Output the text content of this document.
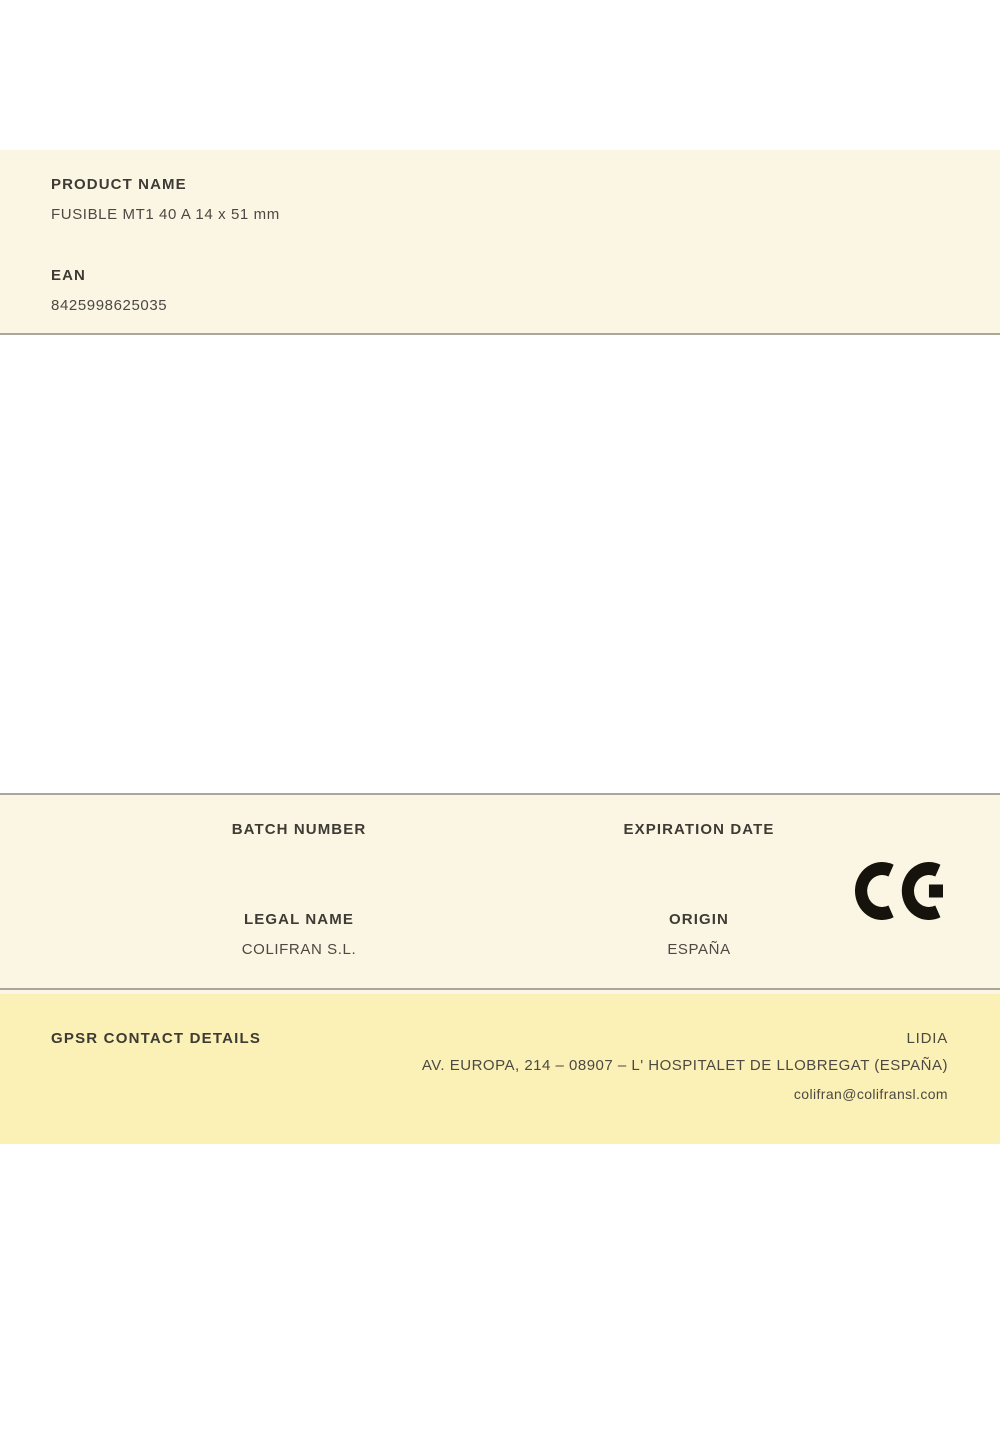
PRODUCT NAME
FUSIBLE MT1 40 A 14 x 51 mm
EAN
8425998625035
BATCH NUMBER
LEGAL NAME
COLIFRAN S.L.
EXPIRATION DATE
ORIGIN
ESPAÑA
GPSR CONTACT DETAILS	LIDIA
AV. EUROPA, 214 – 08907 – L' HOSPITALET DE LLOBREGAT (ESPAÑA)
colifran@colifransl.com
